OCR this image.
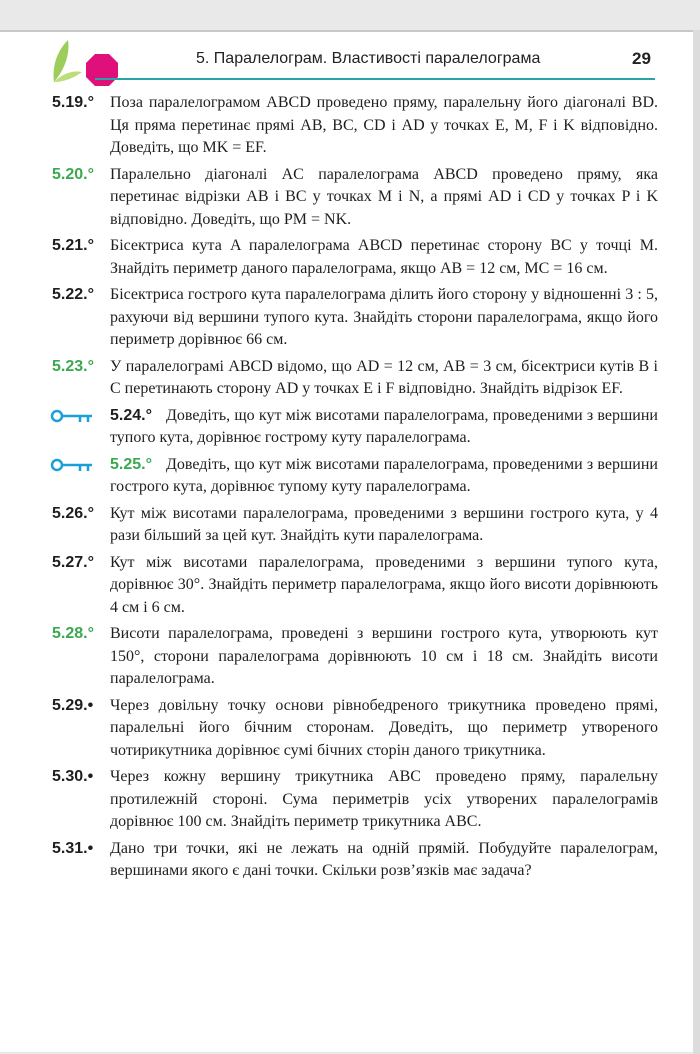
5. Паралелограм. Властивості паралелограма	29
5.19.° Поза паралелограмом ABCD проведено пряму, паралельну його діагоналі BD. Ця пряма перетинає прямі AB, BC, CD і AD у точках E, M, F і K відповідно. Доведіть, що MK = EF.
5.20.° Паралельно діагоналі AC паралелограма ABCD проведено пряму, яка перетинає відрізки AB і BC у точках M і N, а прямі AD і CD у точках P і K відповідно. Доведіть, що PM = NK.
5.21.° Бісектриса кута A паралелограма ABCD перетинає сторону BC у точці M. Знайдіть периметр даного паралелограма, якщо AB = 12 см, MC = 16 см.
5.22.° Бісектриса гострого кута паралелограма ділить його сторону у відношенні 3 : 5, рахуючи від вершини тупого кута. Знайдіть сторони паралелограма, якщо його периметр дорівнює 66 см.
5.23.° У паралелограмі ABCD відомо, що AD = 12 см, AB = 3 см, бісектриси кутів B і C перетинають сторону AD у точках E і F відповідно. Знайдіть відрізок EF.
5.24.° Доведіть, що кут між висотами паралелограма, проведеними з вершини тупого кута, дорівнює гострому куту паралелограма.
5.25.° Доведіть, що кут між висотами паралелограма, проведеними з вершини гострого кута, дорівнює тупому куту паралелограма.
5.26.° Кут між висотами паралелограма, проведеними з вершини гострого кута, у 4 рази більший за цей кут. Знайдіть кути паралелограма.
5.27.° Кут між висотами паралелограма, проведеними з вершини тупого кута, дорівнює 30°. Знайдіть периметр паралелограма, якщо його висоти дорівнюють 4 см і 6 см.
5.28.° Висоти паралелограма, проведені з вершини гострого кута, утворюють кут 150°, сторони паралелограма дорівнюють 10 см і 18 см. Знайдіть висоти паралелограма.
5.29.• Через довільну точку основи рівнобедреного трикутника проведено прямі, паралельні його бічним сторонам. Доведіть, що периметр утвореного чотирикутника дорівнює сумі бічних сторін даного трикутника.
5.30.• Через кожну вершину трикутника ABC проведено пряму, паралельну протилежній стороні. Сума периметрів усіх утворених паралелограмів дорівнює 100 см. Знайдіть периметр трикутника ABC.
5.31.• Дано три точки, які не лежать на одній прямій. Побудуйте паралелограм, вершинами якого є дані точки. Скільки розв’язків має задача?
